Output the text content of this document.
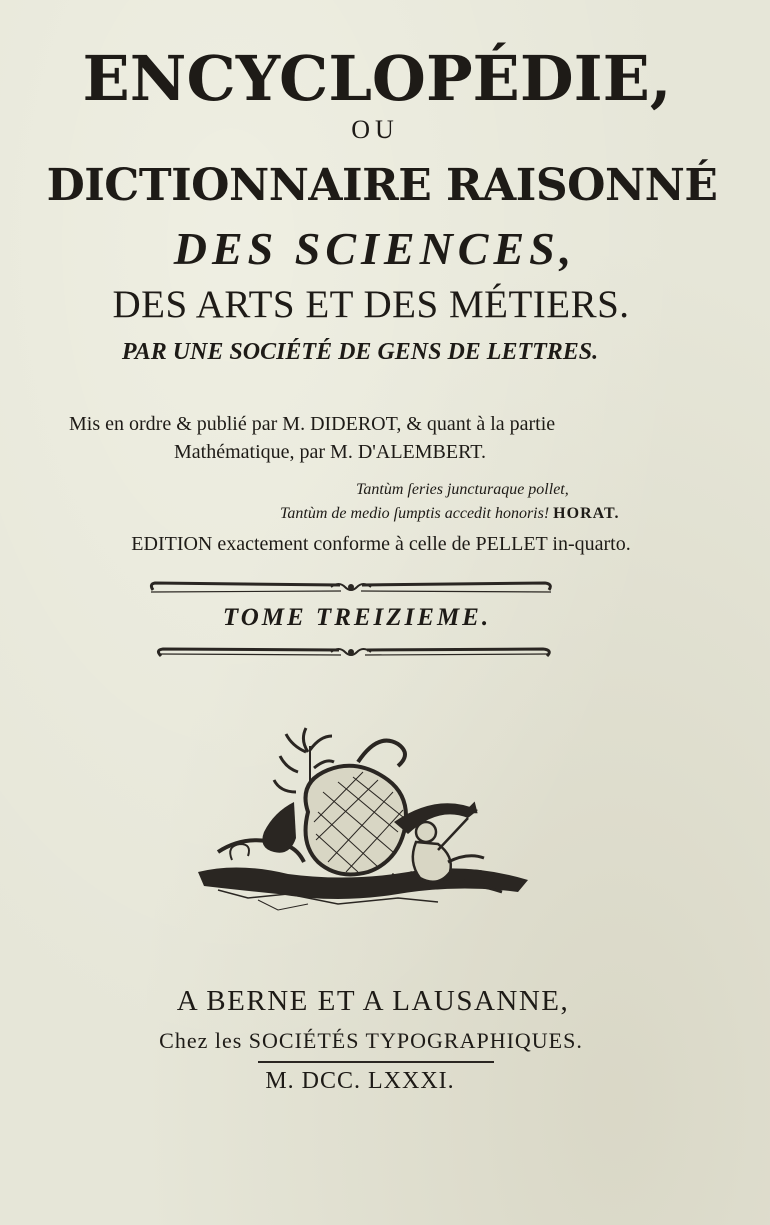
ENCYCLOPÉDIE,

OU

DICTIONNAIRE RAISONNÉ

DES SCIENCES,

DES ARTS ET DES MÉTIERS.

PAR UNE SOCIÉTÉ DE GENS DE LETTRES.

Mis en ordre & publié par M. DIDEROT, & quant à la partie

Mathématique, par M. D'ALEMBERT.

Tantùm ſeries juncturaque pollet,

Tantùm de medio ſumptis accedit honoris! HORAT.

EDITION exactement conforme à celle de PELLET in-quarto.

TOME TREIZIEME.

A BERNE ET A LAUSANNE,

Chez les SOCIÉTÉS TYPOGRAPHIQUES.

M. DCC. LXXXI.
